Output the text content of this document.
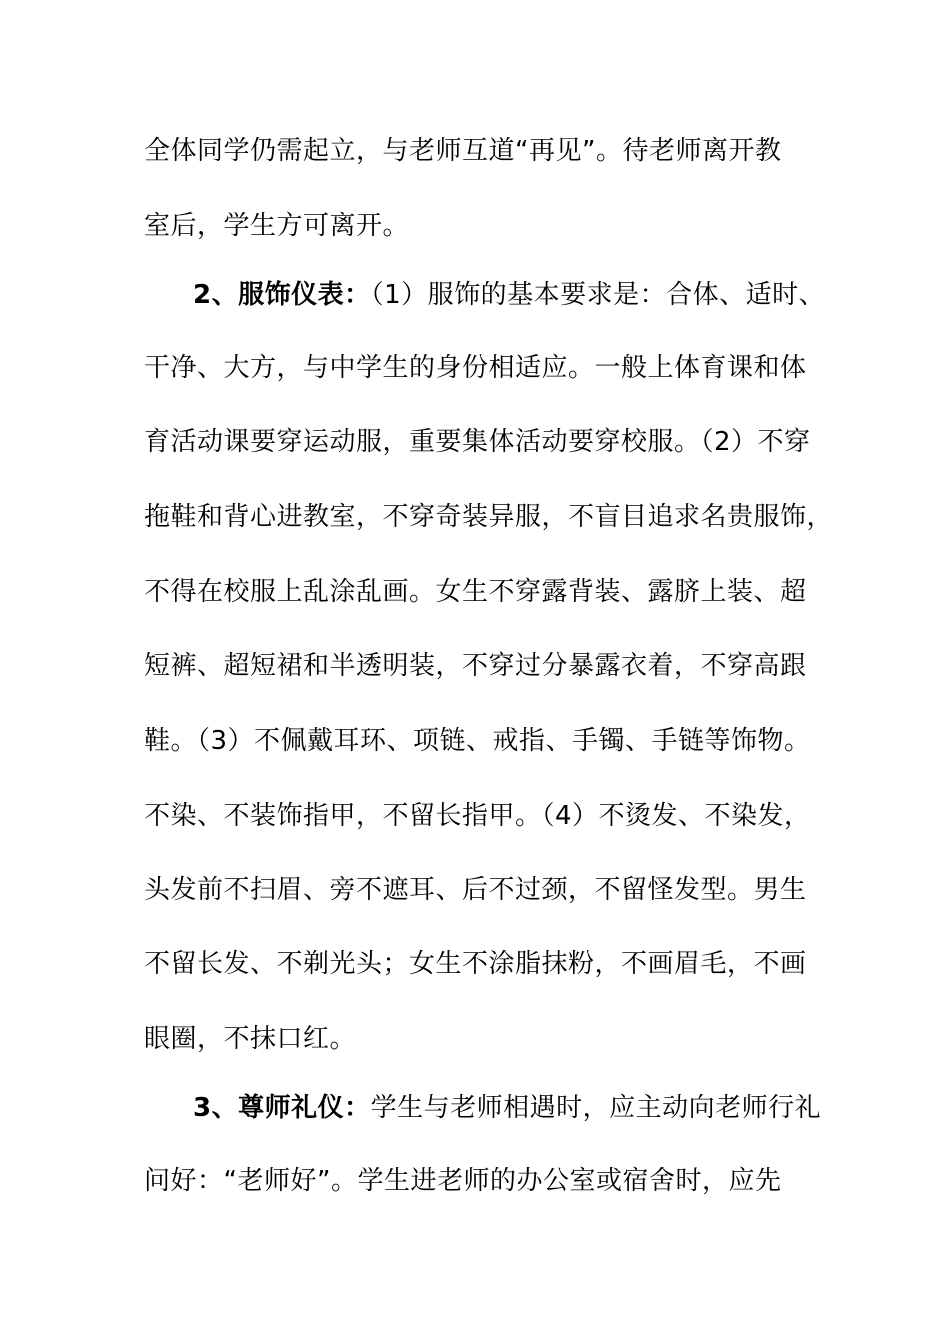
全体同学仍需起立，与老师互道“再见”。待老师离开教
室后，学生方可离开。
2、服饰仪表：（1）服饰的基本要求是：合体、适时、
干净、大方，与中学生的身份相适应。一般上体育课和体
育活动课要穿运动服，重要集体活动要穿校服。（2）不穿
拖鞋和背心进教室，不穿奇装异服，不盲目追求名贵服饰，
不得在校服上乱涂乱画。女生不穿露背装、露脐上装、超
短裤、超短裙和半透明装，不穿过分暴露衣着，不穿高跟
鞋。（3）不佩戴耳环、项链、戒指、手镯、手链等饰物。
不染、不装饰指甲，不留长指甲。（4）不烫发、不染发，
头发前不扫眉、旁不遮耳、后不过颈，不留怪发型。男生
不留长发、不剃光头；女生不涂脂抹粉，不画眉毛，不画
眼圈，不抹口红。
3、尊师礼仪：学生与老师相遇时，应主动向老师行礼
问好：“老师好”。学生进老师的办公室或宿舍时，应先
